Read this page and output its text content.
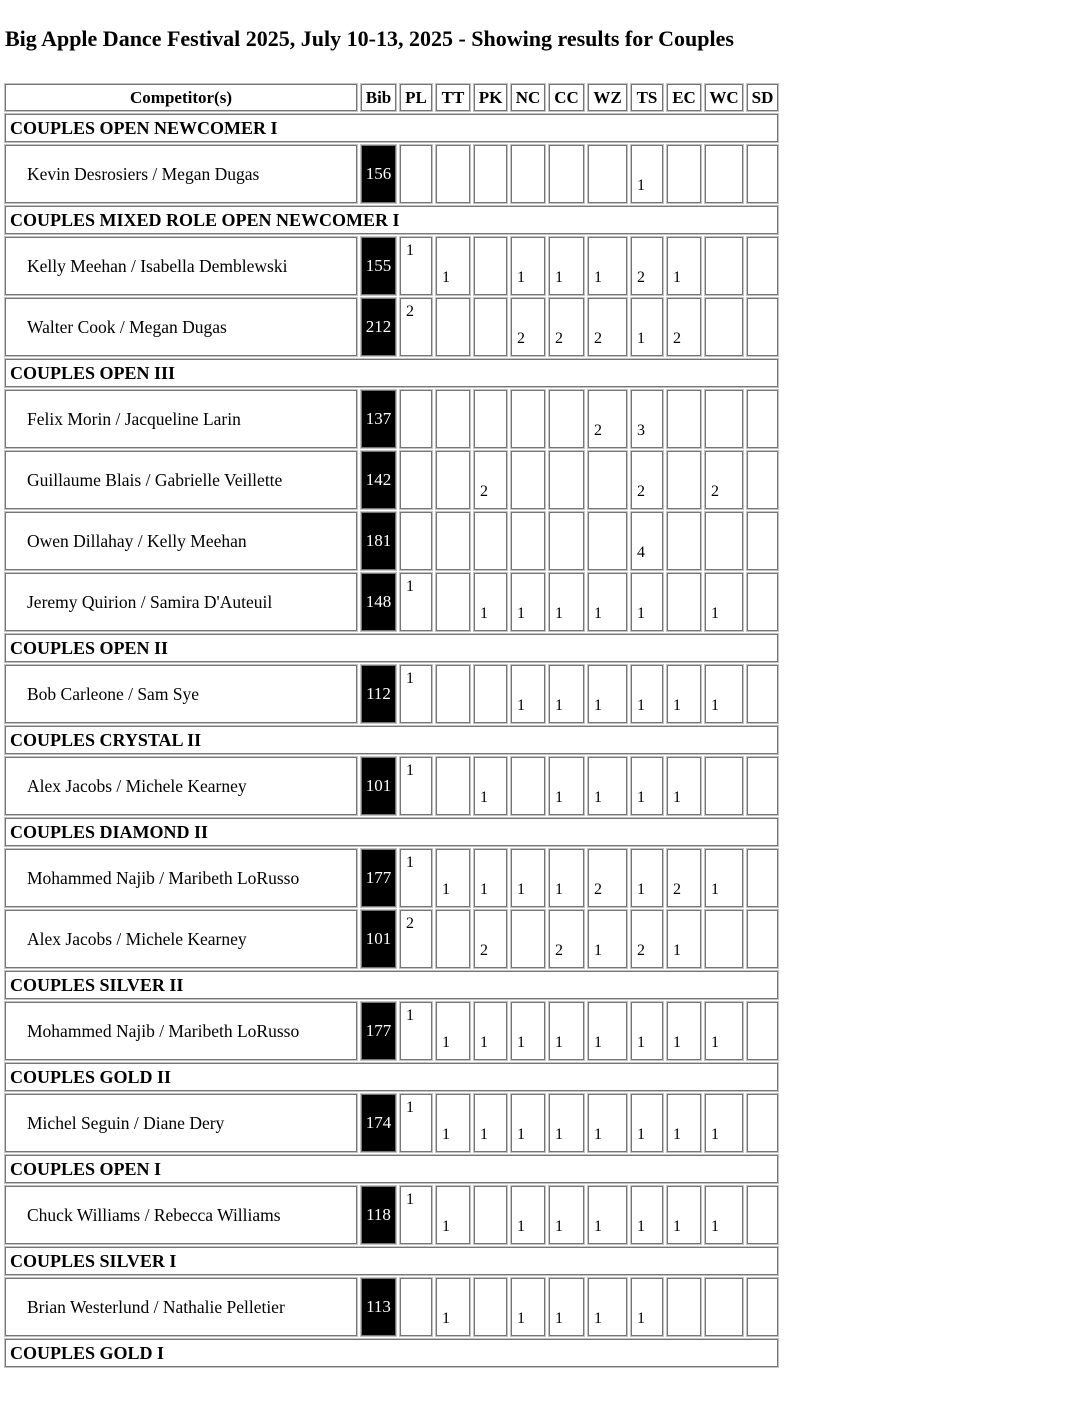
Big Apple Dance Festival 2025, July 10-13, 2025 - Showing results for Couples
Competitor(s)	Bib	PL	TT	PK	NC	CC	WZ	TS	EC	WC	SD
COUPLES OPEN NEWCOMER I											
Kevin Desrosiers / Megan Dugas	156							1			
COUPLES MIXED ROLE OPEN NEWCOMER I											
Kelly Meehan / Isabella Demblewski	155	1	1		1	1	1	2	1		
Walter Cook / Megan Dugas	212	2			2	2	2	1	2		
COUPLES OPEN III											
Felix Morin / Jacqueline Larin	137						2	3			
Guillaume Blais / Gabrielle Veillette	142			2				2		2	
Owen Dillahay / Kelly Meehan	181							4			
Jeremy Quirion / Samira D'Auteuil	148	1		1	1	1	1	1		1	
COUPLES OPEN II											
Bob Carleone / Sam Sye	112	1			1	1	1	1	1	1	
COUPLES CRYSTAL II											
Alex Jacobs / Michele Kearney	101	1		1		1	1	1	1		
COUPLES DIAMOND II											
Mohammed Najib / Maribeth LoRusso	177	1	1	1	1	1	2	1	2	1	
Alex Jacobs / Michele Kearney	101	2		2		2	1	2	1		
COUPLES SILVER II											
Mohammed Najib / Maribeth LoRusso	177	1	1	1	1	1	1	1	1	1	
COUPLES GOLD II											
Michel Seguin / Diane Dery	174	1	1	1	1	1	1	1	1	1	
COUPLES OPEN I											
Chuck Williams / Rebecca Williams	118	1	1		1	1	1	1	1	1	
COUPLES SILVER I											
Brian Westerlund / Nathalie Pelletier	113		1		1	1	1	1			
COUPLES GOLD I											
